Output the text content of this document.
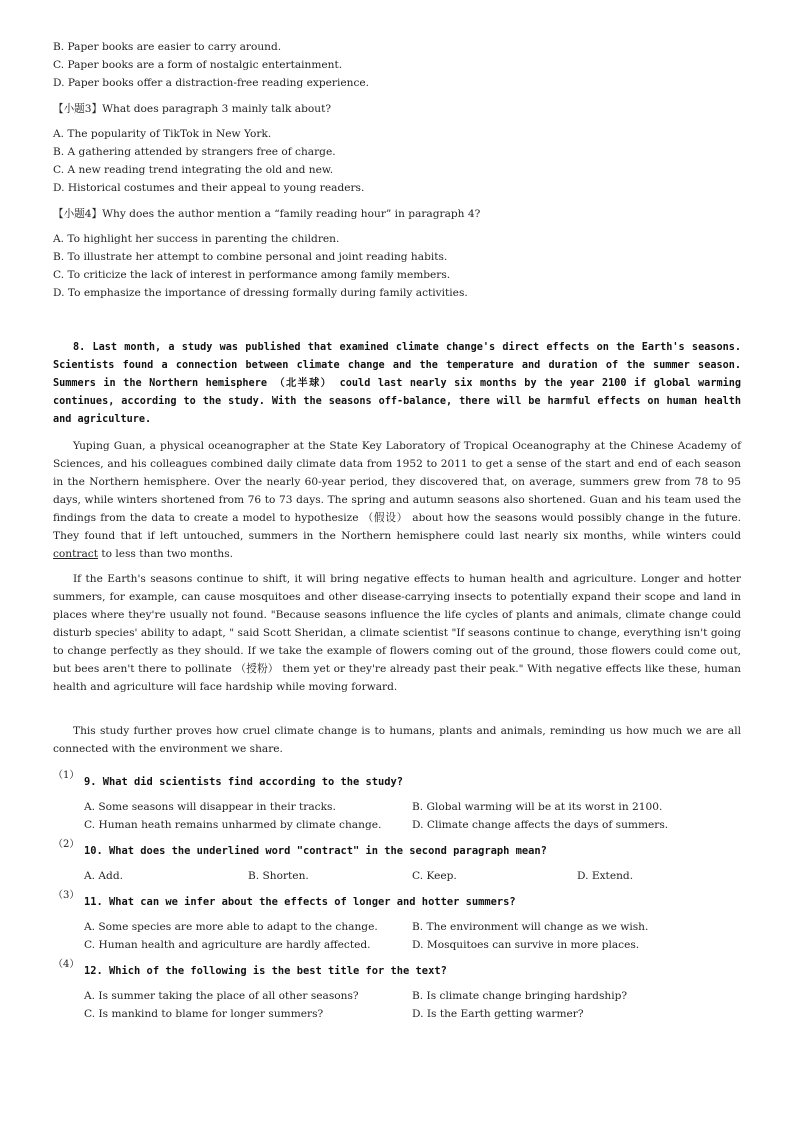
B. Paper books are easier to carry around.
C. Paper books are a form of nostalgic entertainment.
D. Paper books offer a distraction-free reading experience.
【小题3】What does paragraph 3 mainly talk about?
A. The popularity of TikTok in New York.
B. A gathering attended by strangers free of charge.
C. A new reading trend integrating the old and new.
D. Historical costumes and their appeal to young readers.
【小题4】Why does the author mention a “family reading hour” in paragraph 4?
A. To highlight her success in parenting the children.
B. To illustrate her attempt to combine personal and joint reading habits.
C. To criticize the lack of interest in performance among family members.
D. To emphasize the importance of dressing formally during family activities.
8. Last month, a study was published that examined climate change's direct effects on the Earth's seasons. Scientists found a connection between climate change and the temperature and duration of the summer season. Summers in the Northern hemisphere （北半球） could last nearly six months by the year 2100 if global warming continues, according to the study. With the seasons off-balance, there will be harmful effects on human health and agriculture.
Yuping Guan, a physical oceanographer at the State Key Laboratory of Tropical Oceanography at the Chinese Academy of Sciences, and his colleagues combined daily climate data from 1952 to 2011 to get a sense of the start and end of each season in the Northern hemisphere. Over the nearly 60-year period, they discovered that, on average, summers grew from 78 to 95 days, while winters shortened from 76 to 73 days. The spring and autumn seasons also shortened. Guan and his team used the findings from the data to create a model to hypothesize （假设） about how the seasons would possibly change in the future. They found that if left untouched, summers in the Northern hemisphere could last nearly six months, while winters could contract to less than two months.
If the Earth's seasons continue to shift, it will bring negative effects to human health and agriculture. Longer and hotter summers, for example, can cause mosquitoes and other disease-carrying insects to potentially expand their scope and land in places where they're usually not found. "Because seasons influence the life cycles of plants and animals, climate change could disturb species' ability to adapt, " said Scott Sheridan, a climate scientist "If seasons continue to change, everything isn't going to change perfectly as they should. If we take the example of flowers coming out of the ground, those flowers could come out, but bees aren't there to pollinate （授粉） them yet or they're already past their peak." With negative effects like these, human health and agriculture will face hardship while moving forward.
This study further proves how cruel climate change is to humans, plants and animals, reminding us how much we are all connected with the environment we share.
（1）
9. What did scientists find according to the study?
A. Some seasons will disappear in their tracks.	B. Global warming will be at its worst in 2100.
C. Human heath remains unharmed by climate change.	D. Climate change affects the days of summers.
（2）
10. What does the underlined word "contract" in the second paragraph mean?
A. Add.	B. Shorten.	C. Keep.	D. Extend.
（3）
11. What can we infer about the effects of longer and hotter summers?
A. Some species are more able to adapt to the change.	B. The environment will change as we wish.
C. Human health and agriculture are hardly affected.	D. Mosquitoes can survive in more places.
（4）
12. Which of the following is the best title for the text?
A. Is summer taking the place of all other seasons?	B. Is climate change bringing hardship?
C. Is mankind to blame for longer summers?	D. Is the Earth getting warmer?
